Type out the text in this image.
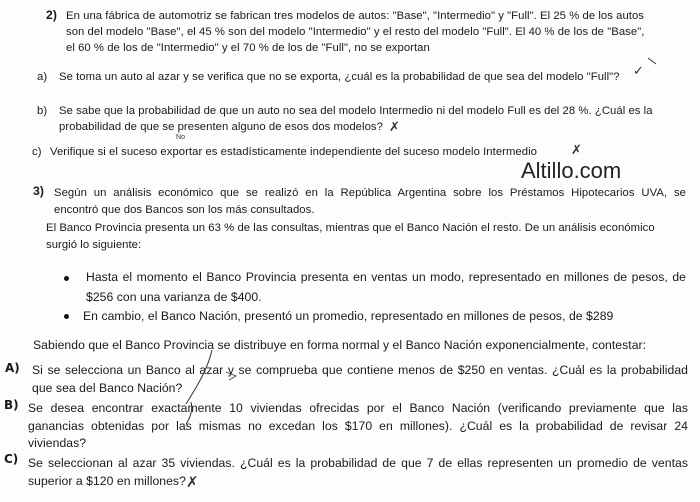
2) En una fábrica de automotriz se fabrican tres modelos de autos: "Base", "Intermedio" y "Full". El 25 % de los autos
son del modelo "Base", el 45 % son del modelo "Intermedio" y el resto del modelo "Full". El 40 % de los de "Base",
el 60 % de los de "Intermedio" y el 70 % de los de "Full", no se exportan
a) Se toma un auto al azar y se verifica que no se exporta, ¿cuál es la probabilidad de que sea del modelo "Full"? ✓
b) Se sabe que la probabilidad de que un auto no sea del modelo Intermedio ni del modelo Full es del 28 %. ¿Cuál es la
probabilidad de que se presenten alguno de esos dos modelos? ✗
c) Verifique si el suceso exportar es estadísticamente independiente del suceso modelo Intermedio
No
✗
Altillo.com
3) Según un análisis económico que se realizó en la República Argentina sobre los Préstamos Hipotecarios UVA, se
encontró que dos Bancos son los más consultados.
El Banco Provincia presenta un 63 % de las consultas, mientras que el Banco Nación el resto. De un análisis económico
surgió lo siguiente:
Hasta el momento el Banco Provincia presenta en ventas un modo, representado en millones de pesos, de
$256 con una varianza de $400.
En cambio, el Banco Nación, presentó un promedio, representado en millones de pesos, de $289
Sabiendo que el Banco Provincia se distribuye en forma normal y el Banco Nación exponencialmente, contestar:
A) Si se selecciona un Banco al azar y se comprueba que contiene menos de $250 en ventas. ¿Cuál es la probabilidad
que sea del Banco Nación?
B) Se desea encontrar exactamente 10 viviendas ofrecidas por el Banco Nación (verificando previamente que las
ganancias obtenidas por las mismas no excedan los $170 en millones). ¿Cuál es la probabilidad de revisar 24
viviendas?
C) Se seleccionan al azar 35 viviendas. ¿Cuál es la probabilidad de que 7 de ellas representen un promedio de ventas
superior a $120 en millones? ✗
